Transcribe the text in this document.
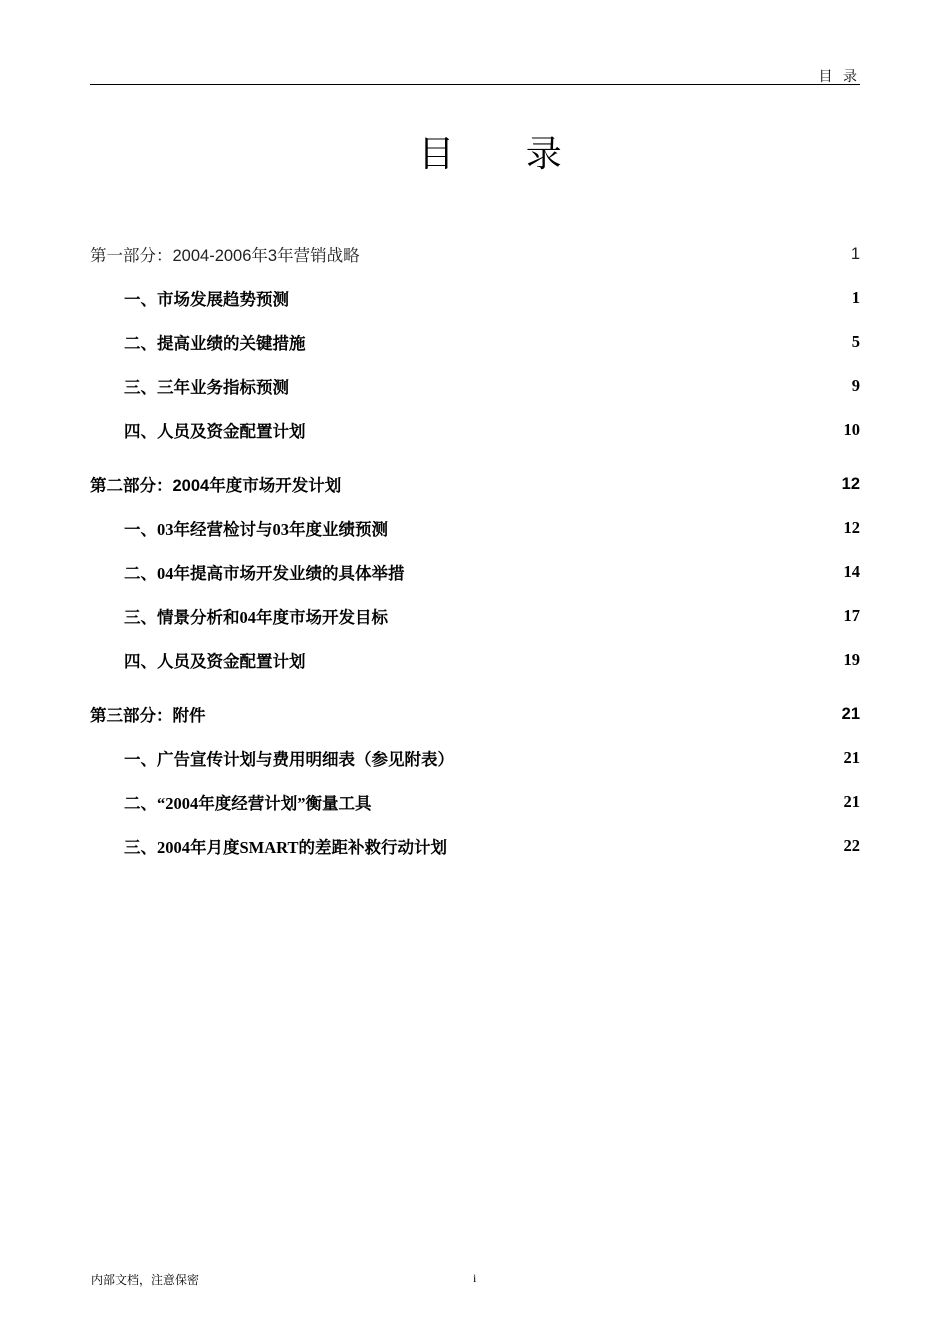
目 录
目 录
第一部分：2004-2006年3年营销战略	1
一、市场发展趋势预测	1
二、提高业绩的关键措施	5
三、三年业务指标预测	9
四、人员及资金配置计划	10
第二部分：2004年度市场开发计划	12
一、03年经营检讨与03年度业绩预测	12
二、04年提高市场开发业绩的具体举措	14
三、情景分析和04年度市场开发目标	17
四、人员及资金配置计划	19
第三部分：附件	21
一、广告宣传计划与费用明细表（参见附表）	21
二、“2004年度经营计划”衡量工具	21
三、2004年月度SMART的差距补救行动计划	22
内部文档，注意保密	i
